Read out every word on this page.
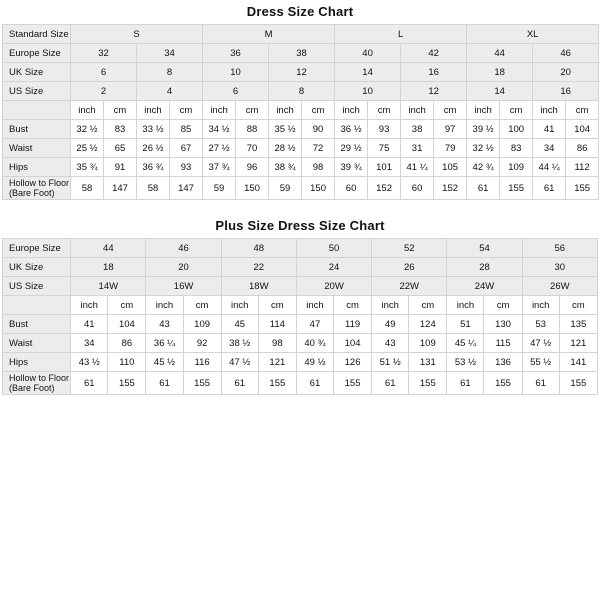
Dress Size Chart
Standard Size	S				M				L				XL			
Europe Size	32		34		36		38		40		42		44		46	
UK Size	6		8		10		12		14		16		18		20	
US Size	2		4		6		8		10		12		14		16	
	inch	cm	inch	cm	inch	cm	inch	cm	inch	cm	inch	cm	inch	cm	inch	cm
Bust	32 ½	83	33 ½	85	34 ½	88	35 ½	90	36 ½	93	38	97	39 ½	100	41	104
Waist	25 ½	65	26 ½	67	27 ½	70	28 ½	72	29 ½	75	31	79	32 ½	83	34	86
Hips	35 ¾	91	36 ¾	93	37 ¾	96	38 ¾	98	39 ¾	101	41 ¼	105	42 ¾	109	44 ¼	112

Hollow to Floor
(Bare Foot)	58	147	58	147	59	150	59	150	60	152	60	152	61	155	61	155
Plus Size Dress Size Chart
Europe Size	44		46		48		50		52		54		56	
UK Size	18		20		22		24		26		28		30	
US Size	14W		16W		18W		20W		22W		24W		26W	
	inch	cm	inch	cm	inch	cm	inch	cm	inch	cm	inch	cm	inch	cm
Bust	41	104	43	109	45	114	47	119	49	124	51	130	53	135
Waist	34	86	36 ¼	92	38 ½	98	40 ¾	104	43	109	45 ¼	115	47 ½	121
Hips	43 ½	110	45 ½	116	47 ½	121	49 ½	126	51 ½	131	53 ½	136	55 ½	141

Hollow to Floor
(Bare Foot)	61	155	61	155	61	155	61	155	61	155	61	155	61	155
